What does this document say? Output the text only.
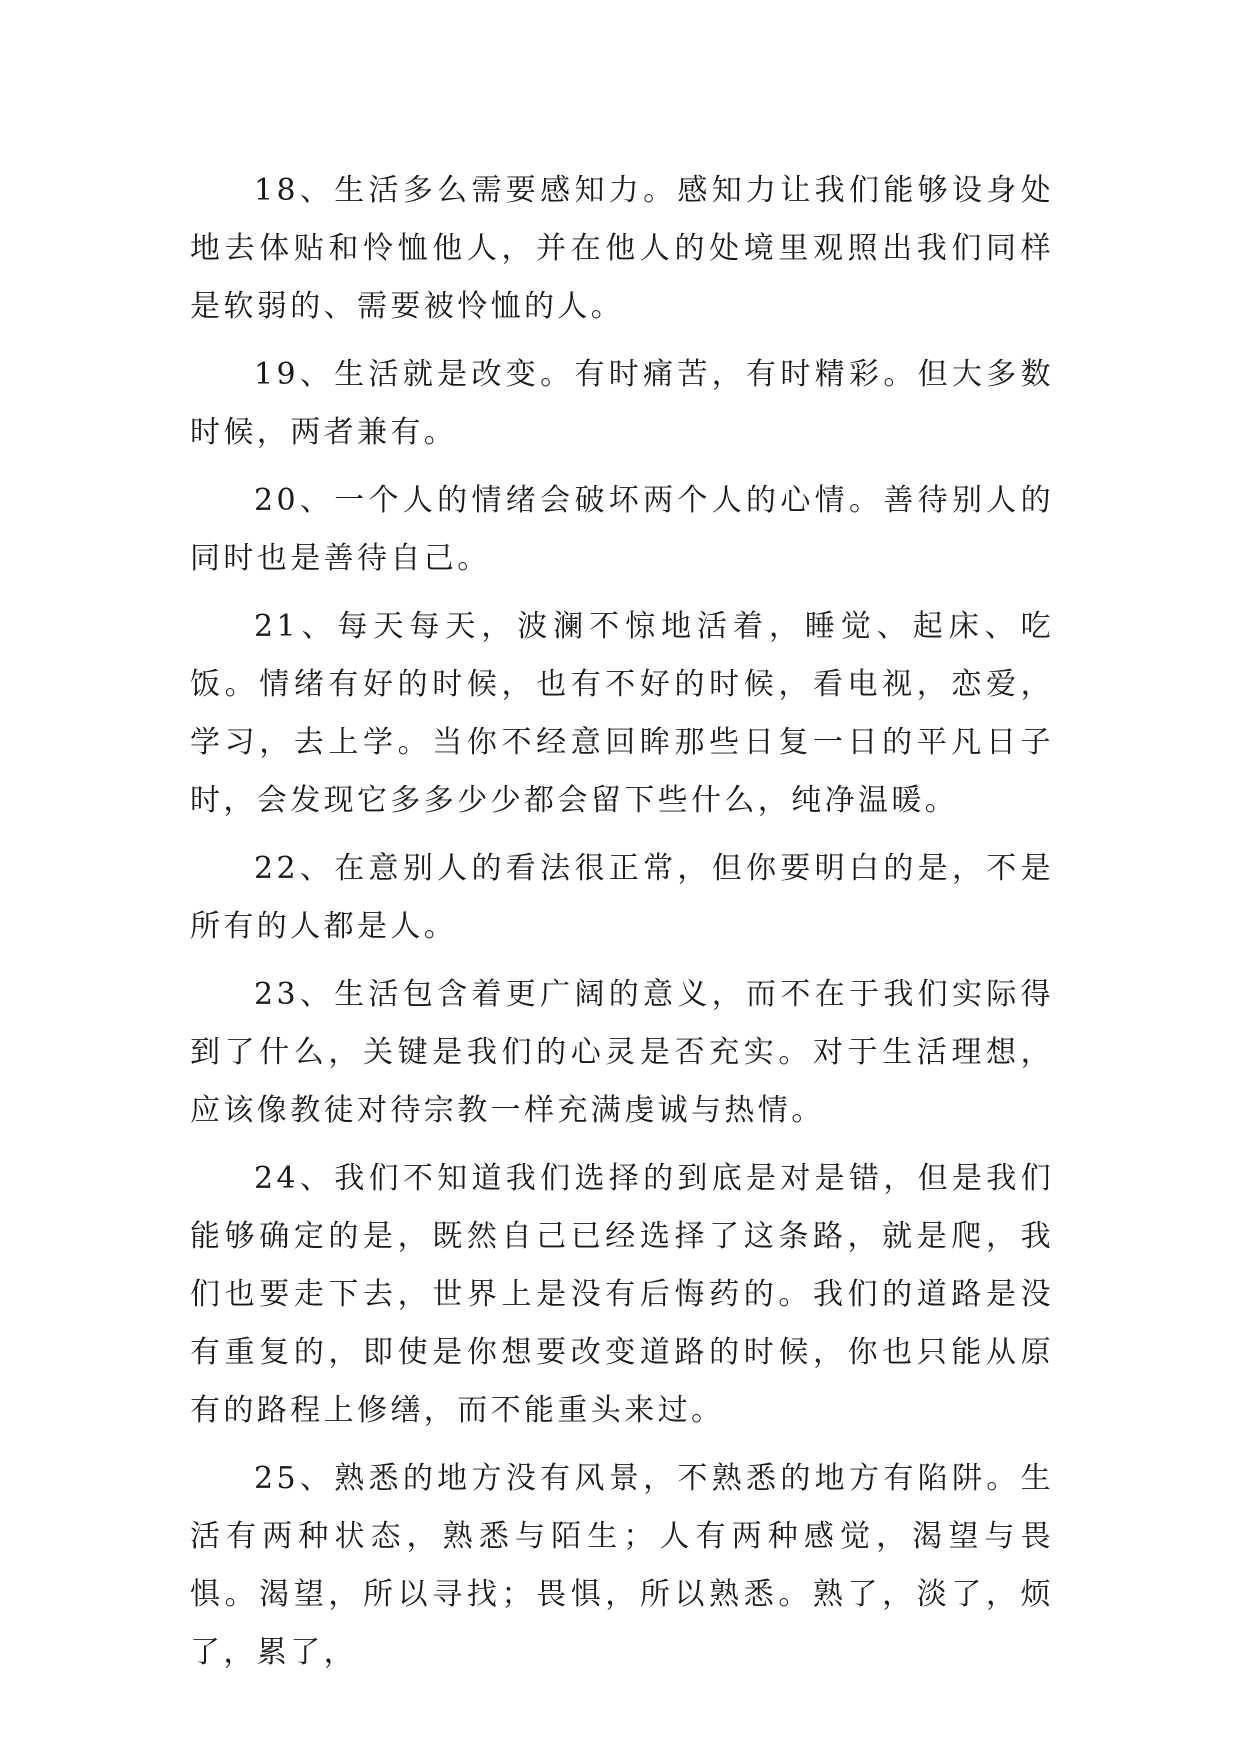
18、生活多么需要感知力。感知力让我们能够设身处地去体贴和怜恤他人，并在他人的处境里观照出我们同样是软弱的、需要被怜恤的人。

19、生活就是改变。有时痛苦，有时精彩。但大多数时候，两者兼有。

20、一个人的情绪会破坏两个人的心情。善待别人的同时也是善待自己。

21、每天每天，波澜不惊地活着，睡觉、起床、吃饭。情绪有好的时候，也有不好的时候，看电视，恋爱，学习，去上学。当你不经意回眸那些日复一日的平凡日子时，会发现它多多少少都会留下些什么，纯净温暖。

22、在意别人的看法很正常，但你要明白的是，不是所有的人都是人。

23、生活包含着更广阔的意义，而不在于我们实际得到了什么，关键是我们的心灵是否充实。对于生活理想，应该像教徒对待宗教一样充满虔诚与热情。

24、我们不知道我们选择的到底是对是错，但是我们能够确定的是，既然自己已经选择了这条路，就是爬，我们也要走下去，世界上是没有后悔药的。我们的道路是没有重复的，即使是你想要改变道路的时候，你也只能从原有的路程上修缮，而不能重头来过。

25、熟悉的地方没有风景，不熟悉的地方有陷阱。生活有两种状态，熟悉与陌生；人有两种感觉，渴望与畏惧。渴望，所以寻找；畏惧，所以熟悉。熟了，淡了，烦了，累了，
